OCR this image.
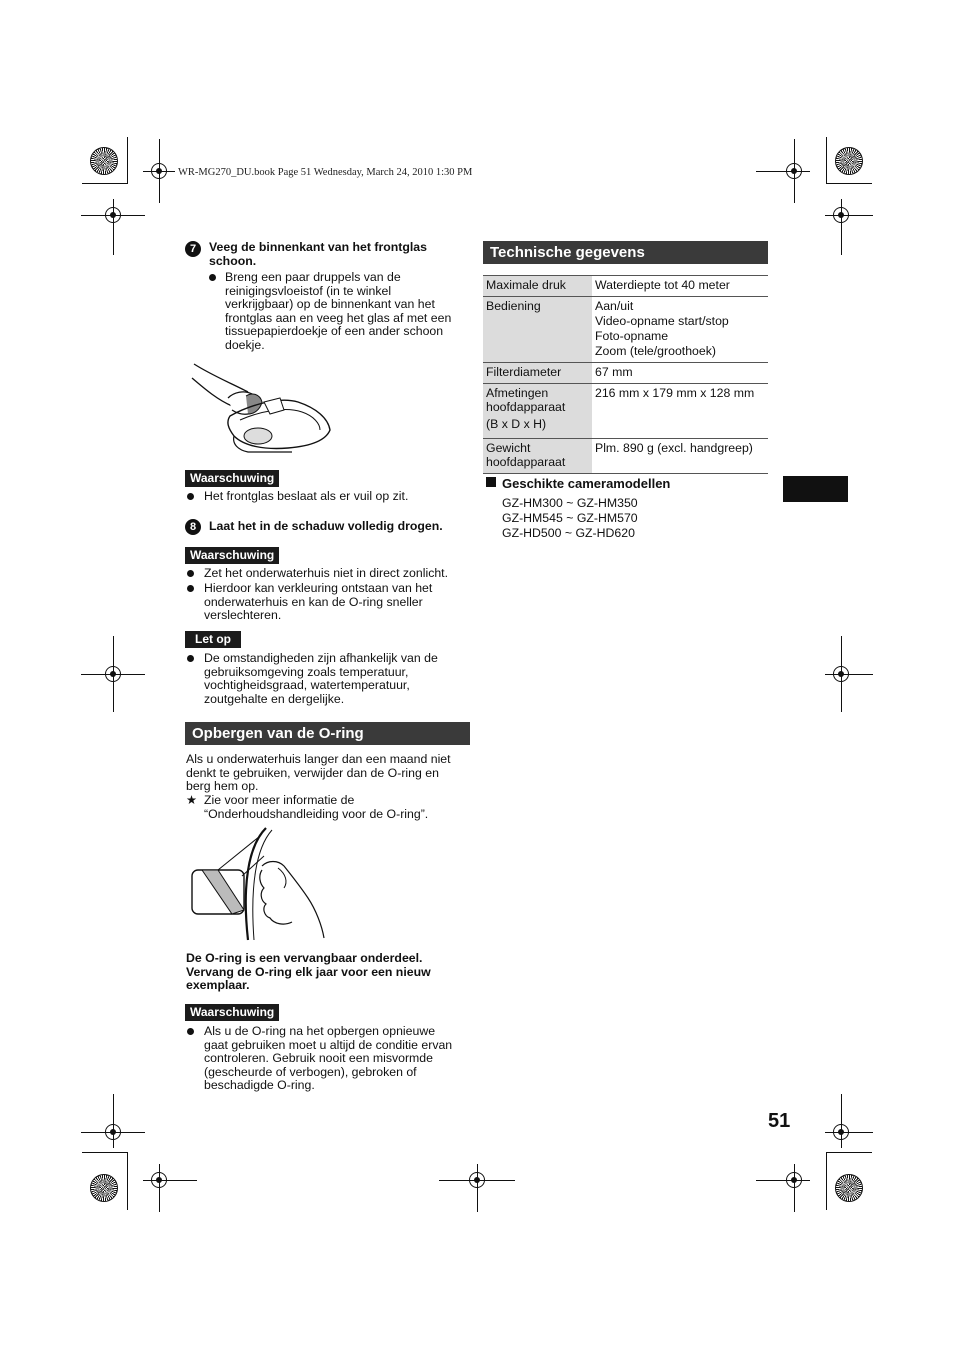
WR-MG270_DU.book Page 51 Wednesday, March 24, 2010 1:30 PM
7	Veeg de binnenkant van het frontglas
schoon.
Breng een paar druppels van de
reinigingsvloeistof (in te winkel
verkrijgbaar) op de binnenkant van het
frontglas aan en veeg het glas af met een
tissuepapierdoekje of een ander schoon
doekje.
Waarschuwing
Het frontglas beslaat als er vuil op zit.
8	Laat het in de schaduw volledig drogen.
Waarschuwing
Zet het onderwaterhuis niet in direct zonlicht.
Hierdoor kan verkleuring ontstaan van het
onderwaterhuis en kan de O-ring sneller
verslechteren.
Let op
De omstandigheden zijn afhankelijk van de
gebruiksomgeving zoals temperatuur,
vochtigheidsgraad, watertemperatuur,
zoutgehalte en dergelijke.
Opbergen van de O-ring
Als u onderwaterhuis langer dan een maand niet
denkt te gebruiken, verwijder dan de O-ring en
berg hem op.
★ Zie voor meer informatie de
“Onderhoudshandleiding voor de O-ring”.
De O-ring is een vervangbaar onderdeel.
Vervang de O-ring elk jaar voor een nieuw
exemplaar.
Waarschuwing
Als u de O-ring na het opbergen opnieuwe
gaat gebruiken moet u altijd de conditie ervan
controleren. Gebruik nooit een misvormde
(gescheurde of verbogen), gebroken of
beschadigde O-ring.
Technische gegevens
Maximale druk	Waterdiepte tot 40 meter

Bediening	Aan/uit
Video-opname start/stop
Foto-opname
Zoom (tele/groothoek)

Filterdiameter	67 mm

Afmetingen
hoofdapparaat
(B x D x H)	216 mm x 179 mm x 128 mm

Gewicht
hoofdapparaat	Plm. 890 g (excl. handgreep)
Geschikte cameramodellen
GZ-HM300 ~ GZ-HM350
GZ-HM545 ~ GZ-HM570
GZ-HD500 ~ GZ-HD620
51
